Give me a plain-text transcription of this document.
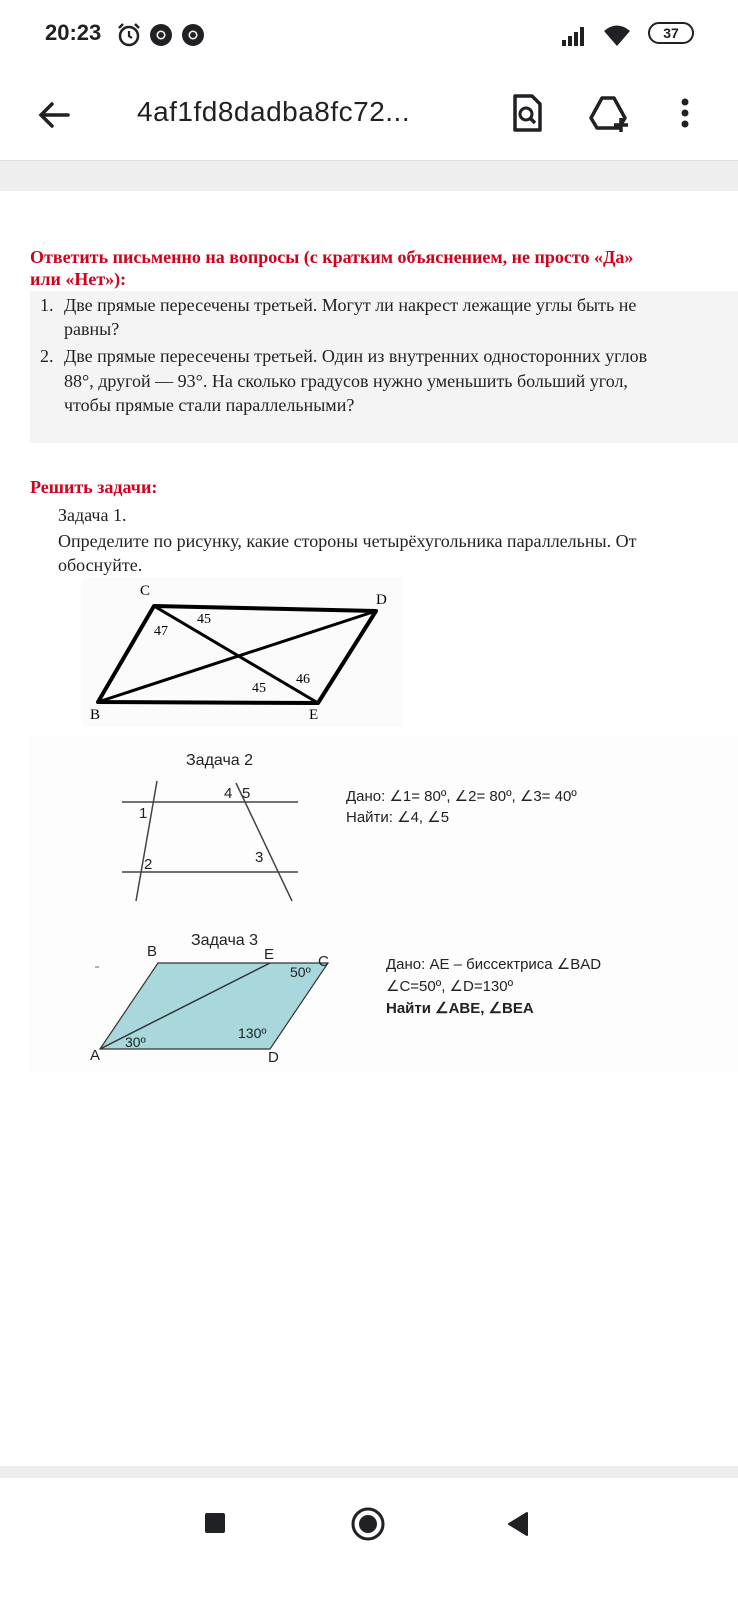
20:23	37
4af1fd8dadba8fc72...
Ответить письменно на вопросы (с кратким объяснением, не просто «Да»
или «Нет»):
1. Две прямые пересечены третьей. Могут ли накрест лежащие углы быть не
равны?
2. Две прямые пересечены третьей. Один из внутренних односторонних углов
88°, другой — 93°. На сколько градусов нужно уменьшить больший угол,
чтобы прямые стали параллельными?
Решить задачи:
Задача 1.
Определите по рисунку, какие стороны четырёхугольника параллельны. От
обоснуйте.
C
D
B	E
47
45
45
46
Задача 2
1
2	3
4 5	Дано: ∠1= 80º, ∠2= 80º, ∠3= 40º
Найти: ∠4, ∠5
Задача 3
B	E	C
A	D
30º
50º
130º
Дано: AE – биссектриса ∠BAD
∠C=50º, ∠D=130º
Найти ∠ABE, ∠BEA
